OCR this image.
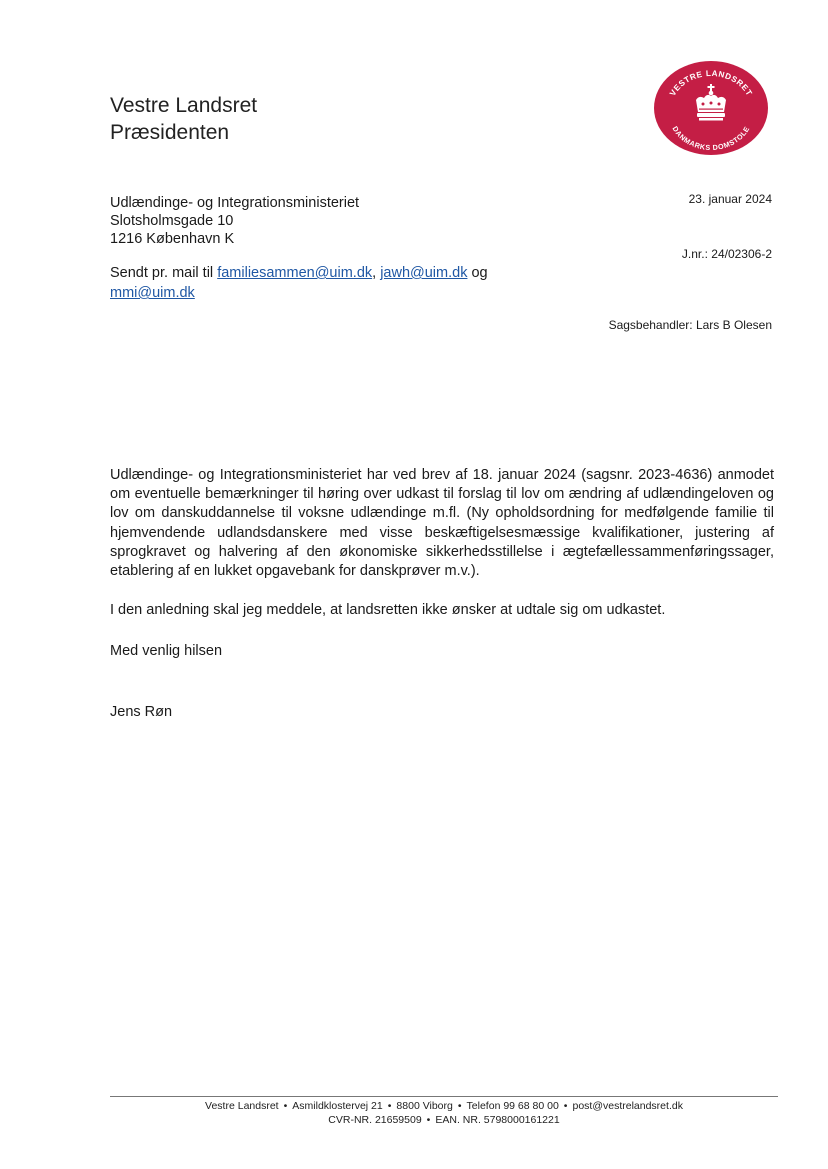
Vestre Landsret
Præsidenten
VESTRE LANDSRET
DANMARKS DOMSTOLE
Udlændinge- og Integrationsministeriet
Slotsholmsgade 10
1216 København K
23. januar 2024
J.nr.: 24/02306-2
Sendt pr. mail til familiesammen@uim.dk, jawh@uim.dk og
mmi@uim.dk
Sagsbehandler: Lars B Olesen
Udlændinge- og Integrationsministeriet har ved brev af 18. januar 2024 (sagsnr. 2023-4636) anmodet om eventuelle bemærkninger til høring over udkast til forslag til lov om ændring af udlændingeloven og lov om danskuddannelse til voksne udlændinge m.fl. (Ny opholdsordning for medfølgende familie til hjemvendende udlandsdanskere med visse beskæftigelsesmæssige kvalifikationer, justering af sprogkravet og halvering af den økonomiske sikkerhedsstillelse i ægtefællessammenføringssager, etablering af en lukket opgavebank for danskprøver m.v.).
I den anledning skal jeg meddele, at landsretten ikke ønsker at udtale sig om udkastet.
Med venlig hilsen
Jens Røn
Vestre Landsret • Asmildklostervej 21 • 8800 Viborg • Telefon 99 68 80 00 • post@vestrelandsret.dk
CVR-NR. 21659509 • EAN. NR. 5798000161221
